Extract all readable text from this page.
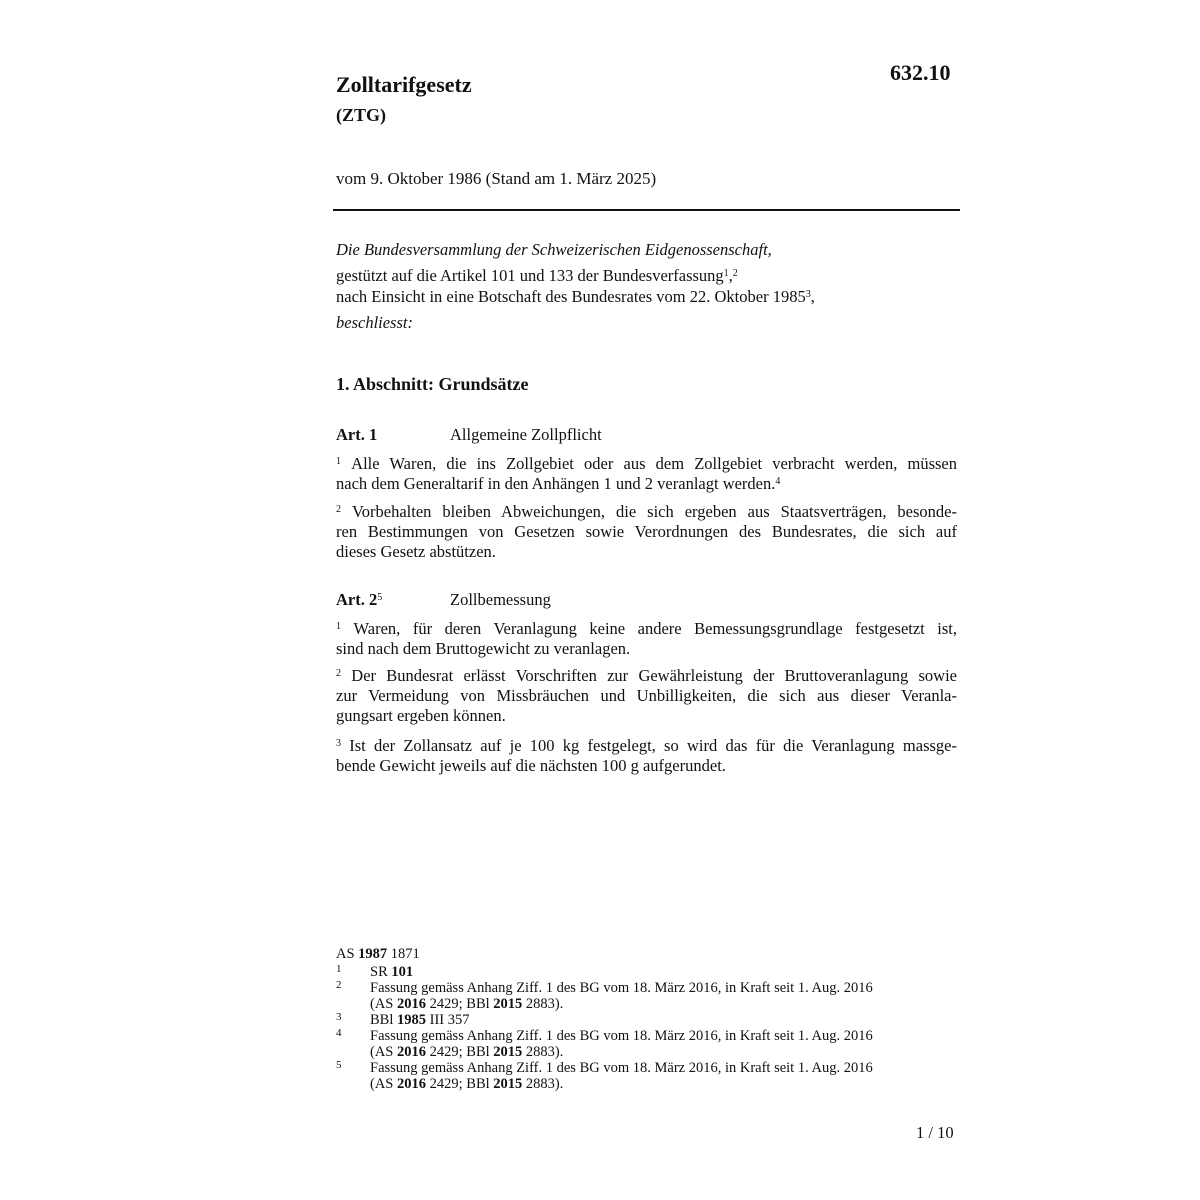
632.10
Zolltarifgesetz
(ZTG)
vom 9. Oktober 1986 (Stand am 1. März 2025)
Die Bundesversammlung der Schweizerischen Eidgenossenschaft,
gestützt auf die Artikel 101 und 133 der Bundesverfassung$^1$,$^2$
nach Einsicht in eine Botschaft des Bundesrates vom 22. Oktober 1985$^3$,
beschliesst:
1. Abschnitt: Grundsätze
Art. 1	Allgemeine Zollpflicht
$^1$ Alle Waren, die ins Zollgebiet oder aus dem Zollgebiet verbracht werden, müssen
nach dem Generaltarif in den Anhängen 1 und 2 veranlagt werden.$^4$
$^2$ Vorbehalten bleiben Abweichungen, die sich ergeben aus Staatsverträgen, besonde-
ren Bestimmungen von Gesetzen sowie Verordnungen des Bundesrates, die sich auf
dieses Gesetz abstützen.
Art. $2^5$	Zollbemessung
$^1$ Waren, für deren Veranlagung keine andere Bemessungsgrundlage festgesetzt ist,
sind nach dem Bruttogewicht zu veranlagen.
$^2$ Der Bundesrat erlässt Vorschriften zur Gewährleistung der Bruttoveranlagung sowie
zur Vermeidung von Missbräuchen und Unbilligkeiten, die sich aus dieser Veranla-
gungsart ergeben können.
$^3$ Ist der Zollansatz auf je 100 kg festgelegt, so wird das für die Veranlagung massge-
bende Gewicht jeweils auf die nächsten 100 g aufgerundet.
AS 1987 1871
1 SR 101
2 Fassung gemäss Anhang Ziff. 1 des BG vom 18. März 2016, in Kraft seit 1. Aug. 2016
(AS 2016 2429; BBl 2015 2883).
3 BBl 1985 III 357
4 Fassung gemäss Anhang Ziff. 1 des BG vom 18. März 2016, in Kraft seit 1. Aug. 2016
(AS 2016 2429; BBl 2015 2883).
5 Fassung gemäss Anhang Ziff. 1 des BG vom 18. März 2016, in Kraft seit 1. Aug. 2016
(AS 2016 2429; BBl 2015 2883).
1 / 10
